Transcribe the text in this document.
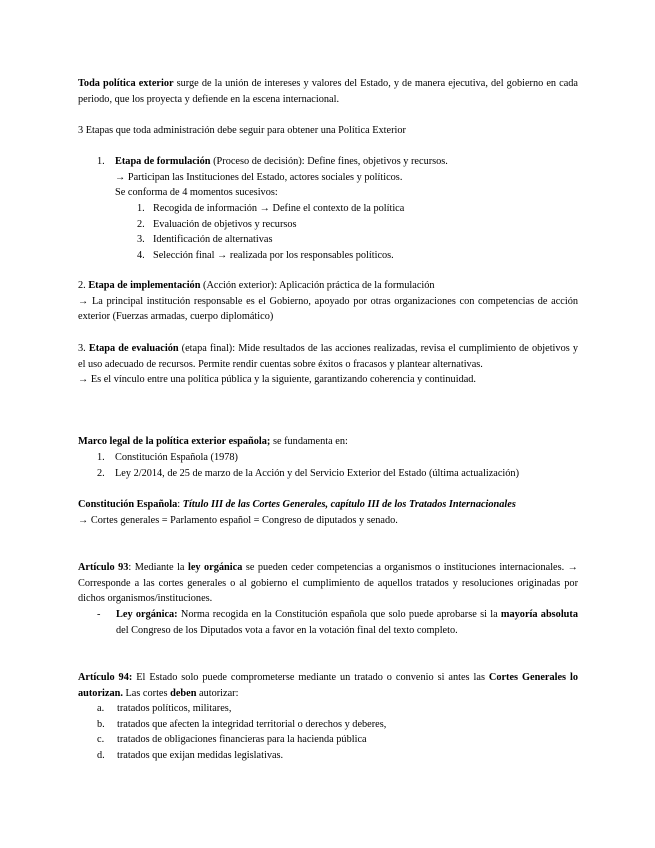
Toda política exterior surge de la unión de intereses y valores del Estado, y de manera ejecutiva, del gobierno en cada periodo, que los proyecta y defiende en la escena internacional.
3 Etapas que toda administración debe seguir para obtener una Política Exterior
1. Etapa de formulación (Proceso de decisión): Define fines, objetivos y recursos.
→ Participan las Instituciones del Estado, actores sociales y políticos.
Se conforma de 4 momentos sucesivos:
1. Recogida de información → Define el contexto de la política
2. Evaluación de objetivos y recursos
3. Identificación de alternativas
4. Selección final → realizada por los responsables políticos.
2. Etapa de implementación (Acción exterior): Aplicación práctica de la formulación
→ La principal institución responsable es el Gobierno, apoyado por otras organizaciones con competencias de acción exterior (Fuerzas armadas, cuerpo diplomático)
3. Etapa de evaluación (etapa final): Mide resultados de las acciones realizadas, revisa el cumplimiento de objetivos y el uso adecuado de recursos. Permite rendir cuentas sobre éxitos o fracasos y plantear alternativas.
→ Es el vínculo entre una política pública y la siguiente, garantizando coherencia y continuidad.
Marco legal de la política exterior española; se fundamenta en:
1. Constitución Española (1978)
2. Ley 2/2014, de 25 de marzo de la Acción y del Servicio Exterior del Estado (última actualización)
Constitución Española: Título III de las Cortes Generales, capítulo III de los Tratados Internacionales
→ Cortes generales = Parlamento español = Congreso de diputados y senado.
Artículo 93: Mediante la ley orgánica se pueden ceder competencias a organismos o instituciones internacionales. → Corresponde a las cortes generales o al gobierno el cumplimiento de aquellos tratados y resoluciones originadas por dichos organismos/instituciones.
- Ley orgánica: Norma recogida en la Constitución española que solo puede aprobarse si la mayoría absoluta del Congreso de los Diputados vota a favor en la votación final del texto completo.
Artículo 94: El Estado solo puede comprometerse mediante un tratado o convenio si antes las Cortes Generales lo autorizan. Las cortes deben autorizar:
a. tratados políticos, militares,
b. tratados que afecten la integridad territorial o derechos y deberes,
c. tratados de obligaciones financieras para la hacienda pública
d. tratados que exijan medidas legislativas.
